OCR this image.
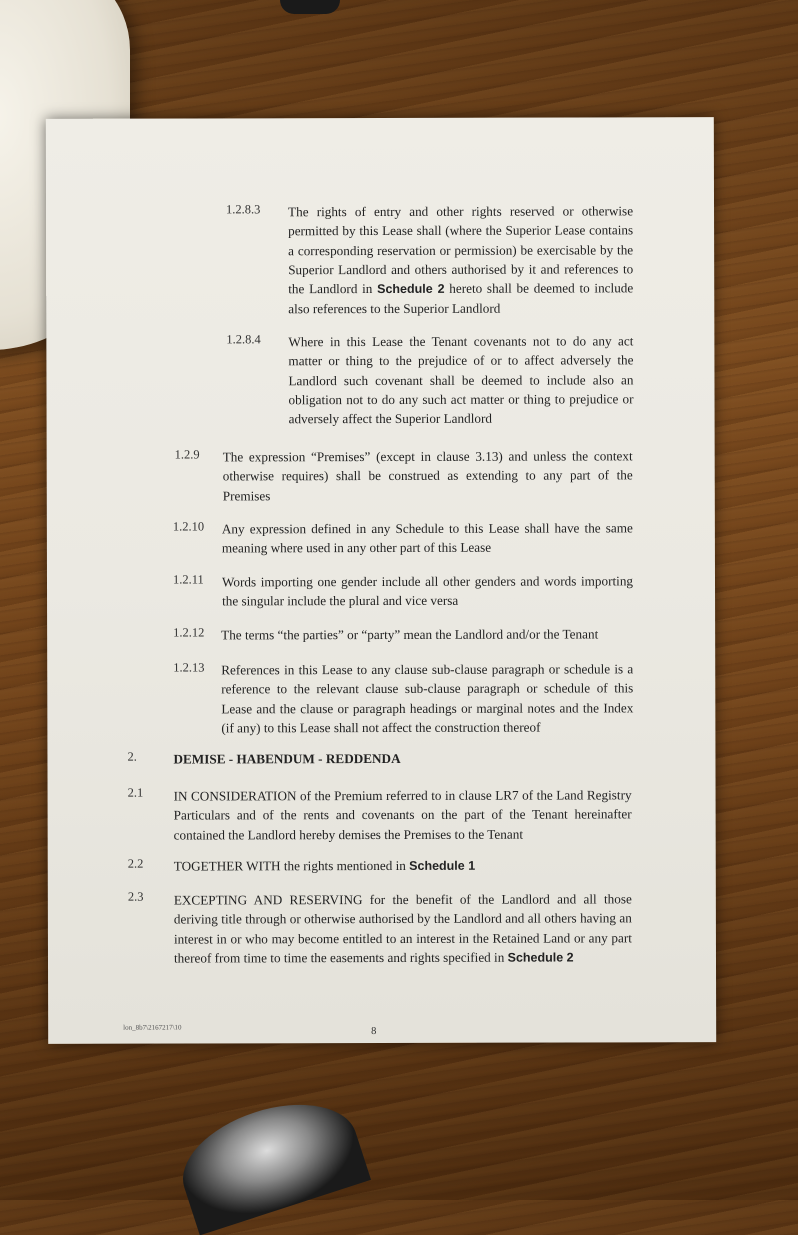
1.2.8.3 The rights of entry and other rights reserved or otherwise permitted by this Lease shall (where the Superior Lease contains a corresponding reservation or permission) be exercisable by the Superior Landlord and others authorised by it and references to the Landlord in Schedule 2 hereto shall be deemed to include also references to the Superior Landlord
1.2.8.4 Where in this Lease the Tenant covenants not to do any act matter or thing to the prejudice of or to affect adversely the Landlord such covenant shall be deemed to include also an obligation not to do any such act matter or thing to prejudice or adversely affect the Superior Landlord
1.2.9 The expression “Premises” (except in clause 3.13) and unless the context otherwise requires) shall be construed as extending to any part of the Premises
1.2.10 Any expression defined in any Schedule to this Lease shall have the same meaning where used in any other part of this Lease
1.2.11 Words importing one gender include all other genders and words importing the singular include the plural and vice versa
1.2.12 The terms “the parties” or “party” mean the Landlord and/or the Tenant
1.2.13 References in this Lease to any clause sub-clause paragraph or schedule is a reference to the relevant clause sub-clause paragraph or schedule of this Lease and the clause or paragraph headings or marginal notes and the Index (if any) to this Lease shall not affect the construction thereof
2.	DEMISE - HABENDUM - REDDENDA
2.1 IN CONSIDERATION of the Premium referred to in clause LR7 of the Land Registry Particulars and of the rents and covenants on the part of the Tenant hereinafter contained the Landlord hereby demises the Premises to the Tenant
2.2 TOGETHER WITH the rights mentioned in Schedule 1
2.3 EXCEPTING AND RESERVING for the benefit of the Landlord and all those deriving title through or otherwise authorised by the Landlord and all others having an interest in or who may become entitled to an interest in the Retained Land or any part thereof from time to time the easements and rights specified in Schedule 2
lon_8b7\2167217\10	8
